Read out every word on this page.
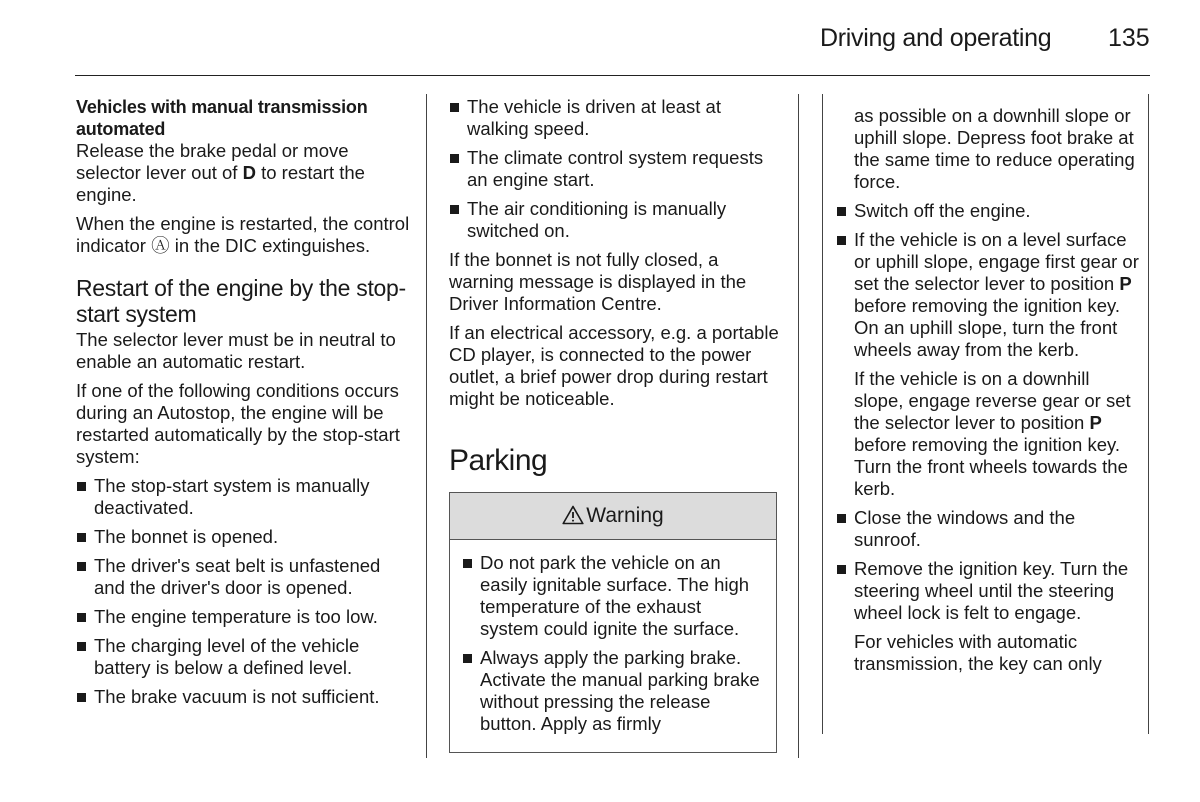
Driving and operating 135
Vehicles with manual transmission automated

Release the brake pedal or move selector lever out of D to restart the engine.

When the engine is restarted, the control indicator Ⓐ in the DIC extinguishes.

Restart of the engine by the stop-start system

The selector lever must be in neutral to enable an automatic restart.

If one of the following conditions occurs during an Autostop, the engine will be restarted automatically by the stop-start system:

The stop-start system is manually deactivated.
The bonnet is opened.
The driver's seat belt is unfastened and the driver's door is opened.
The engine temperature is too low.
The charging level of the vehicle battery is below a defined level.
The brake vacuum is not sufficient.
The vehicle is driven at least at walking speed.
The climate control system requests an engine start.
The air conditioning is manually switched on.

If the bonnet is not fully closed, a warning message is displayed in the Driver Information Centre.

If an electrical accessory, e.g. a portable CD player, is connected to the power outlet, a brief power drop during restart might be noticeable.

Parking
Warning
Do not park the vehicle on an easily ignitable surface. The high temperature of the exhaust system could ignite the surface.
Always apply the parking brake. Activate the manual parking brake without pressing the release button. Apply as firmly

as possible on a downhill slope or uphill slope. Depress foot brake at the same time to reduce operating force.

Switch off the engine.
If the vehicle is on a level surface or uphill slope, engage first gear or set the selector lever to position P before removing the ignition key. On an uphill slope, turn the front wheels away from the kerb.

If the vehicle is on a downhill slope, engage reverse gear or set the selector lever to position P before removing the ignition key. Turn the front wheels towards the kerb.

Close the windows and the sunroof.
Remove the ignition key. Turn the steering wheel until the steering wheel lock is felt to engage.

For vehicles with automatic transmission, the key can only
